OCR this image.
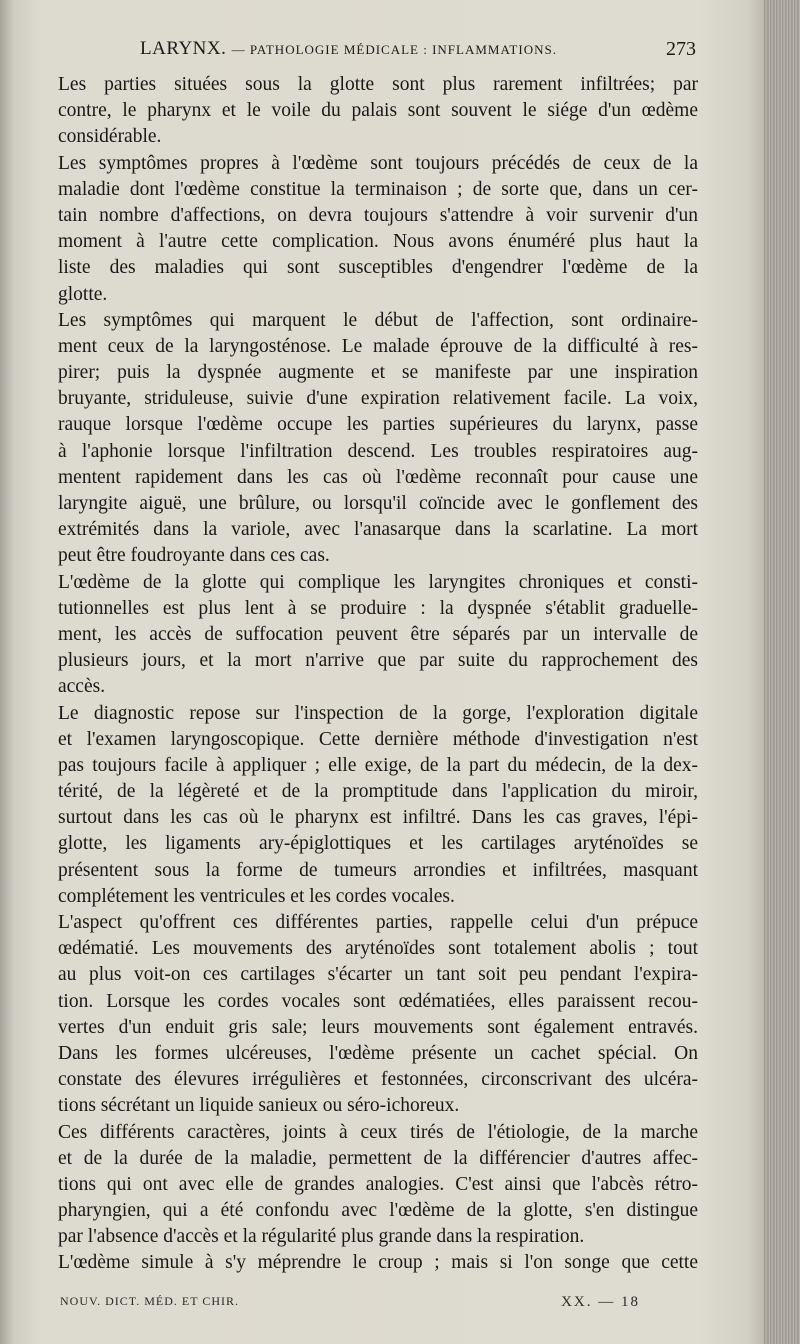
LARYNX. — PATHOLOGIE MÉDICALE : INFLAMMATIONS.	273
Les parties situées sous la glotte sont plus rarement infiltrées; par
contre, le pharynx et le voile du palais sont souvent le siége d'un œdème
considérable.
Les symptômes propres à l'œdème sont toujours précédés de ceux de la
maladie dont l'œdème constitue la terminaison ; de sorte que, dans un cer-
tain nombre d'affections, on devra toujours s'attendre à voir survenir d'un
moment à l'autre cette complication. Nous avons énuméré plus haut la
liste des maladies qui sont susceptibles d'engendrer l'œdème de la
glotte.
Les symptômes qui marquent le début de l'affection, sont ordinaire-
ment ceux de la laryngosténose. Le malade éprouve de la difficulté à res-
pirer; puis la dyspnée augmente et se manifeste par une inspiration
bruyante, striduleuse, suivie d'une expiration relativement facile. La voix,
rauque lorsque l'œdème occupe les parties supérieures du larynx, passe
à l'aphonie lorsque l'infiltration descend. Les troubles respiratoires aug-
mentent rapidement dans les cas où l'œdème reconnaît pour cause une
laryngite aiguë, une brûlure, ou lorsqu'il coïncide avec le gonflement des
extrémités dans la variole, avec l'anasarque dans la scarlatine. La mort
peut être foudroyante dans ces cas.
L'œdème de la glotte qui complique les laryngites chroniques et consti-
tutionnelles est plus lent à se produire : la dyspnée s'établit graduelle-
ment, les accès de suffocation peuvent être séparés par un intervalle de
plusieurs jours, et la mort n'arrive que par suite du rapprochement des
accès.
Le diagnostic repose sur l'inspection de la gorge, l'exploration digitale
et l'examen laryngoscopique. Cette dernière méthode d'investigation n'est
pas toujours facile à appliquer ; elle exige, de la part du médecin, de la dex-
térité, de la légèreté et de la promptitude dans l'application du miroir,
surtout dans les cas où le pharynx est infiltré. Dans les cas graves, l'épi-
glotte, les ligaments ary-épiglottiques et les cartilages aryténoïdes se
présentent sous la forme de tumeurs arrondies et infiltrées, masquant
complétement les ventricules et les cordes vocales.
L'aspect qu'offrent ces différentes parties, rappelle celui d'un prépuce
œdématié. Les mouvements des aryténoïdes sont totalement abolis ; tout
au plus voit-on ces cartilages s'écarter un tant soit peu pendant l'expira-
tion. Lorsque les cordes vocales sont œdématiées, elles paraissent recou-
vertes d'un enduit gris sale; leurs mouvements sont également entravés.
Dans les formes ulcéreuses, l'œdème présente un cachet spécial. On
constate des élevures irrégulières et festonnées, circonscrivant des ulcéra-
tions sécrétant un liquide sanieux ou séro-ichoreux.
Ces différents caractères, joints à ceux tirés de l'étiologie, de la marche
et de la durée de la maladie, permettent de la différencier d'autres affec-
tions qui ont avec elle de grandes analogies. C'est ainsi que l'abcès rétro-
pharyngien, qui a été confondu avec l'œdème de la glotte, s'en distingue
par l'absence d'accès et la régularité plus grande dans la respiration.
L'œdème simule à s'y méprendre le croup ; mais si l'on songe que cette
NOUV. DICT. MÉD. ET CHIR.	XX. — 18
